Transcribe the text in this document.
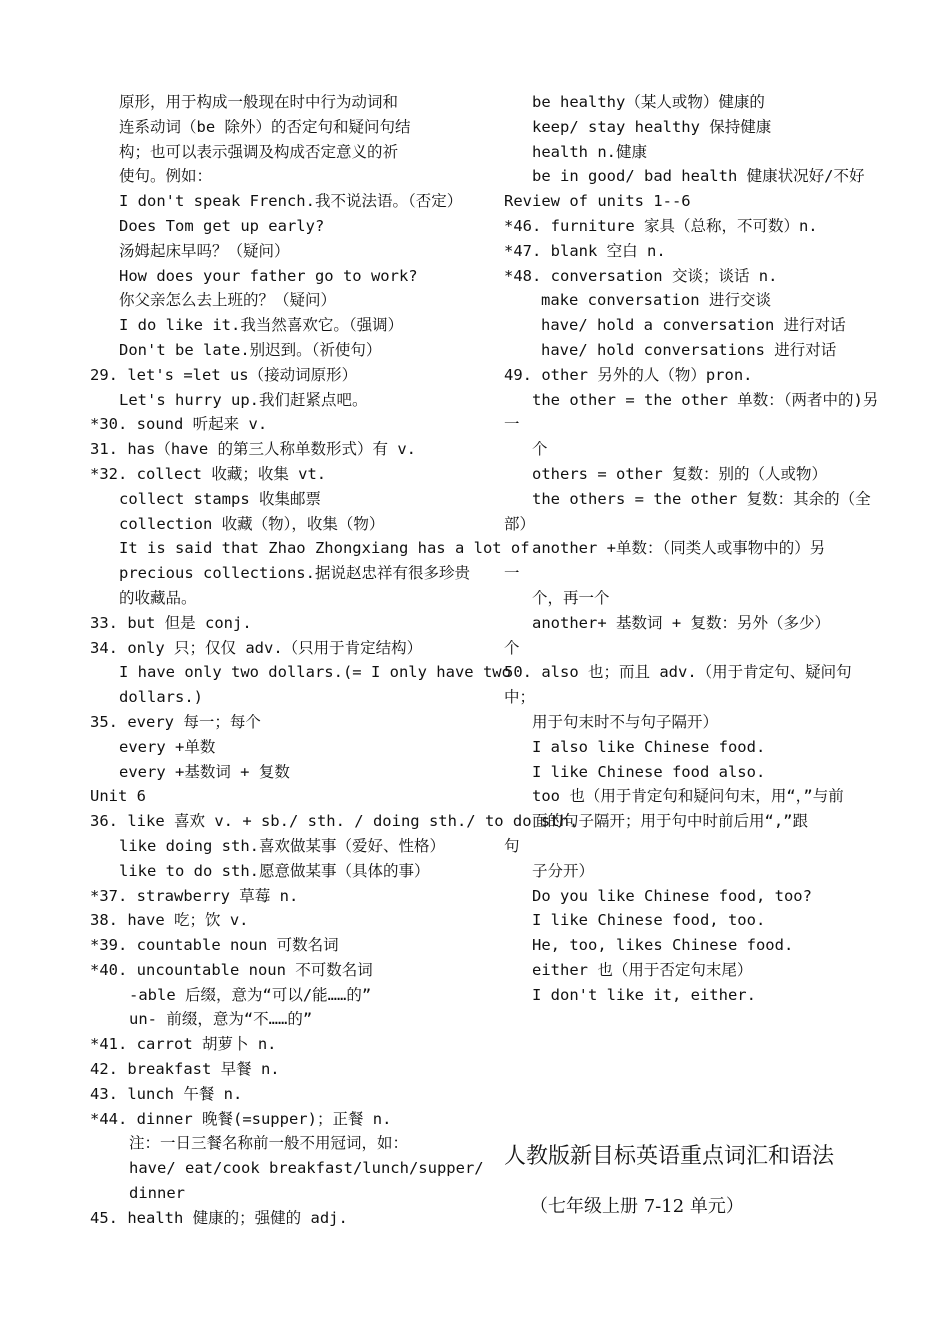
原形，用于构成一般现在时中行为动词和
连系动词（be 除外）的否定句和疑问句结
构；也可以表示强调及构成否定意义的祈
使句。例如：
I don't speak French.我不说法语。（否定）
Does Tom get up early?
汤姆起床早吗？（疑问）
How does your father go to work?
你父亲怎么去上班的？（疑问）
I do like it.我当然喜欢它。（强调）
Don't be late.别迟到。（祈使句）
29. let's =let us（接动词原形）
Let's hurry up.我们赶紧点吧。
*30. sound 听起来 v.
31. has（have 的第三人称单数形式）有 v.
*32. collect 收藏；收集 vt.
collect stamps 收集邮票
collection 收藏（物），收集（物）
It is said that Zhao Zhongxiang has a lot of
precious collections.据说赵忠祥有很多珍贵
的收藏品。
33. but 但是 conj.
34. only 只；仅仅 adv.（只用于肯定结构）
I have only two dollars.(= I only have two
dollars.)
35. every 每一；每个
every +单数
every +基数词 + 复数
Unit 6
36. like 喜欢 v. + sb./ sth. / doing sth./ to do sth.
like doing sth.喜欢做某事（爱好、性格）
like to do sth.愿意做某事（具体的事）
*37. strawberry 草莓 n.
38. have 吃；饮 v.
*39. countable noun 可数名词
*40. uncountable noun 不可数名词
-able 后缀，意为“可以/能……的”
un- 前缀，意为“不……的”
*41. carrot 胡萝卜 n.
42. breakfast 早餐 n.
43. lunch 午餐 n.
*44. dinner 晚餐(=supper)；正餐 n.
注：一日三餐名称前一般不用冠词，如：
have/ eat/cook breakfast/lunch/supper/
dinner
45. health 健康的；强健的 adj.
be healthy（某人或物）健康的
keep/ stay healthy 保持健康
health n.健康
be in good/ bad health 健康状况好/不好
Review of units 1--6
*46. furniture 家具（总称，不可数）n.
*47. blank 空白 n.
*48. conversation 交谈；谈话 n.
make conversation 进行交谈
have/ hold a conversation 进行对话
have/ hold conversations 进行对话
49. other 另外的人（物）pron.
the other = the other 单数：（两者中的)另
一
个
others = other 复数：别的（人或物）
the others = the other 复数：其余的（全
部）
another +单数：（同类人或事物中的）另
一
个，再一个
another+ 基数词 + 复数：另外（多少）
个
50. also 也；而且 adv.（用于肯定句、疑问句
中；
用于句末时不与句子隔开）
I also like Chinese food.
I like Chinese food also.
too 也（用于肯定句和疑问句末，用“，”与前
面的句子隔开；用于句中时前后用“,”跟
句
子分开）
Do you like Chinese food, too?
I like Chinese food, too.
He, too, likes Chinese food.
either 也（用于否定句末尾）
I don't like it, either.
人教版新目标英语重点词汇和语法
（七年级上册 7-12 单元）
